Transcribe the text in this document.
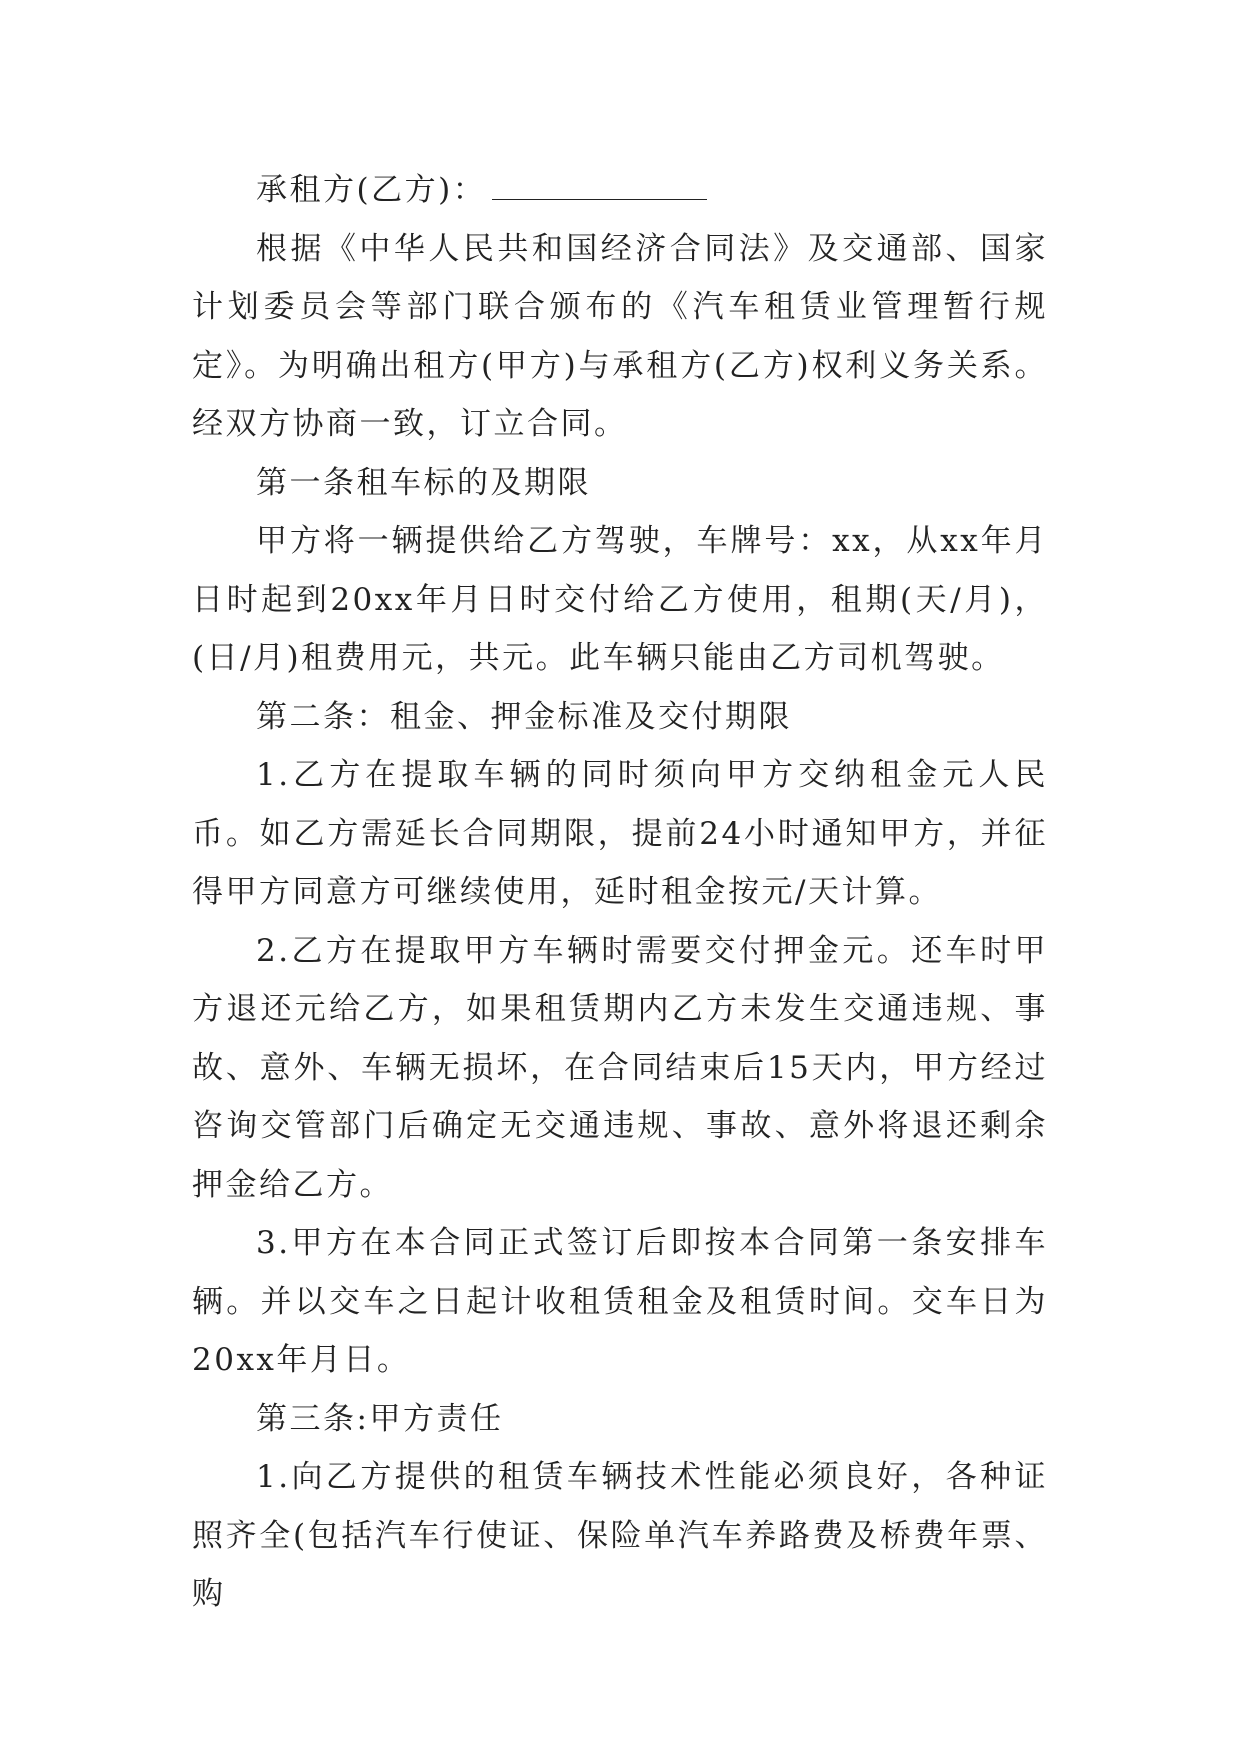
承租方(乙方)：

根据《中华人民共和国经济合同法》及交通部、国家计划委员会等部门联合颁布的《汽车租赁业管理暂行规定》。为明确出租方(甲方)与承租方(乙方)权利义务关系。经双方协商一致，订立合同。

第一条租车标的及期限

甲方将一辆提供给乙方驾驶，车牌号：xx，从xx年月日时起到20xx年月日时交付给乙方使用，租期(天/月)，(日/月)租费用元，共元。此车辆只能由乙方司机驾驶。

第二条：租金、押金标准及交付期限

1.乙方在提取车辆的同时须向甲方交纳租金元人民币。如乙方需延长合同期限，提前24小时通知甲方，并征得甲方同意方可继续使用，延时租金按元/天计算。

2.乙方在提取甲方车辆时需要交付押金元。还车时甲方退还元给乙方，如果租赁期内乙方未发生交通违规、事故、意外、车辆无损坏，在合同结束后15天内，甲方经过咨询交管部门后确定无交通违规、事故、意外将退还剩余押金给乙方。

3.甲方在本合同正式签订后即按本合同第一条安排车辆。并以交车之日起计收租赁租金及租赁时间。交车日为20xx年月日。

第三条:甲方责任

1.向乙方提供的租赁车辆技术性能必须良好，各种证照齐全(包括汽车行使证、保险单汽车养路费及桥费年票、购
